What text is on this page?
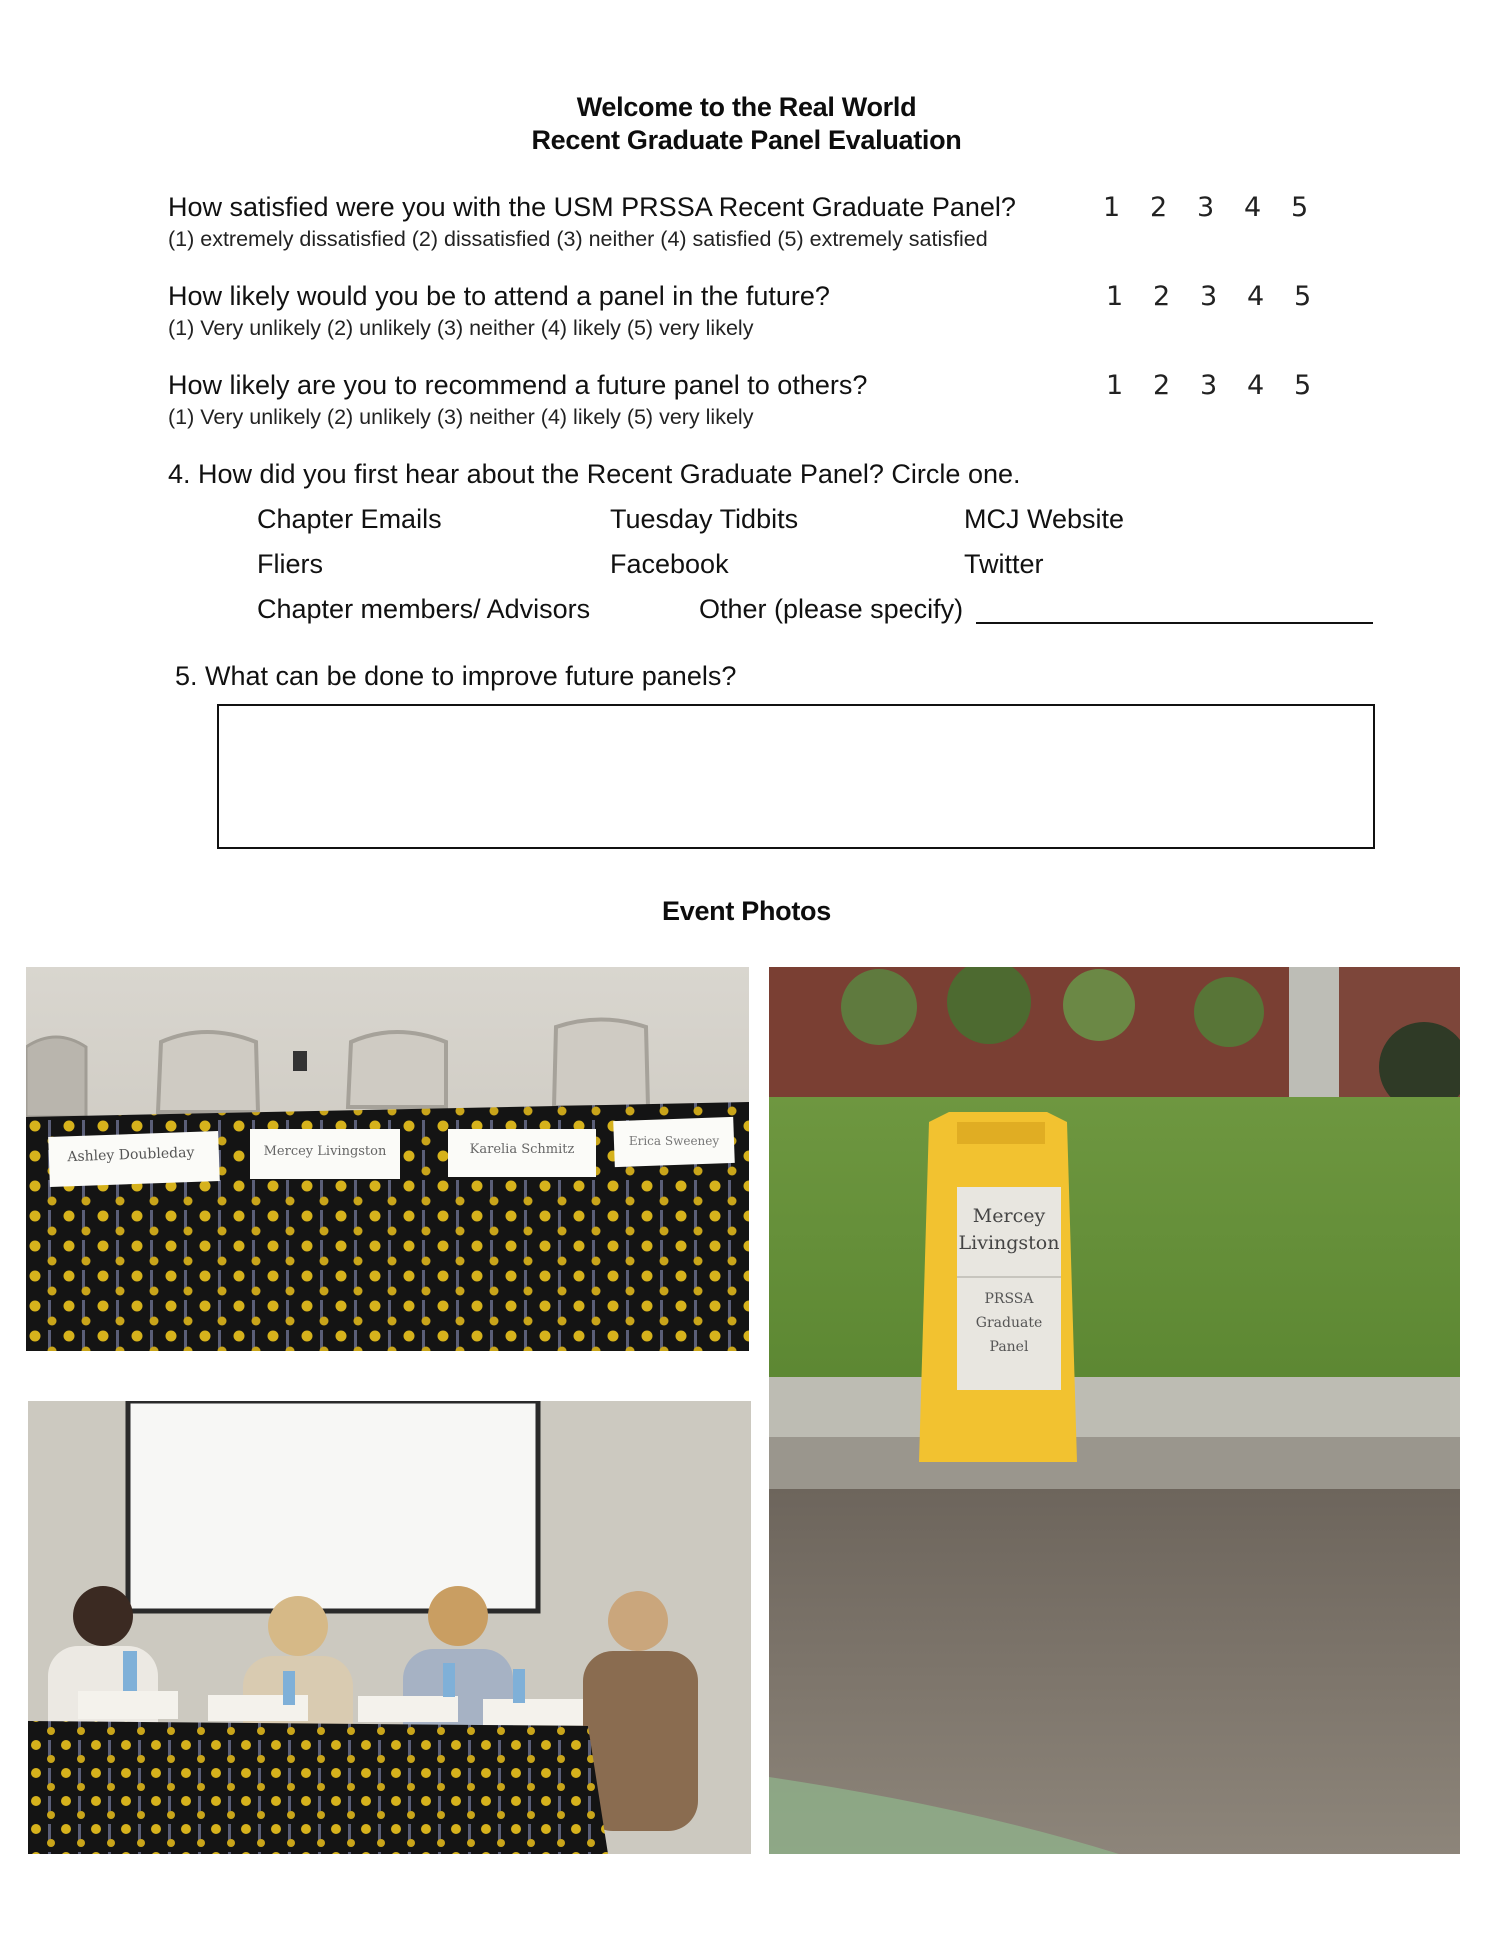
Welcome to the Real World
Recent Graduate Panel Evaluation
How satisfied were you with the USM PRSSA Recent Graduate Panel?
(1) extremely dissatisfied (2) dissatisfied (3) neither (4) satisfied (5) extremely satisfied
1	2	3	4	5
How likely would you be to attend a panel in the future?
(1) Very unlikely (2) unlikely (3) neither (4) likely (5) very likely
1	2	3	4	5
How likely are you to recommend a future panel to others?
(1) Very unlikely (2) unlikely (3) neither (4) likely (5) very likely
1	2	3	4	5
4. How did you first hear about the Recent Graduate Panel? Circle one.
Chapter Emails	Tuesday Tidbits	MCJ Website
Fliers	Facebook	Twitter
Chapter members/ Advisors	Other (please specify)
5. What can be done to improve future panels?
Event Photos
Ashley Doubleday	Mercey Livingston	Karelia Schmitz
Erica Sweeney
Mercey
Livingston
PRSSA
Graduate
Panel
